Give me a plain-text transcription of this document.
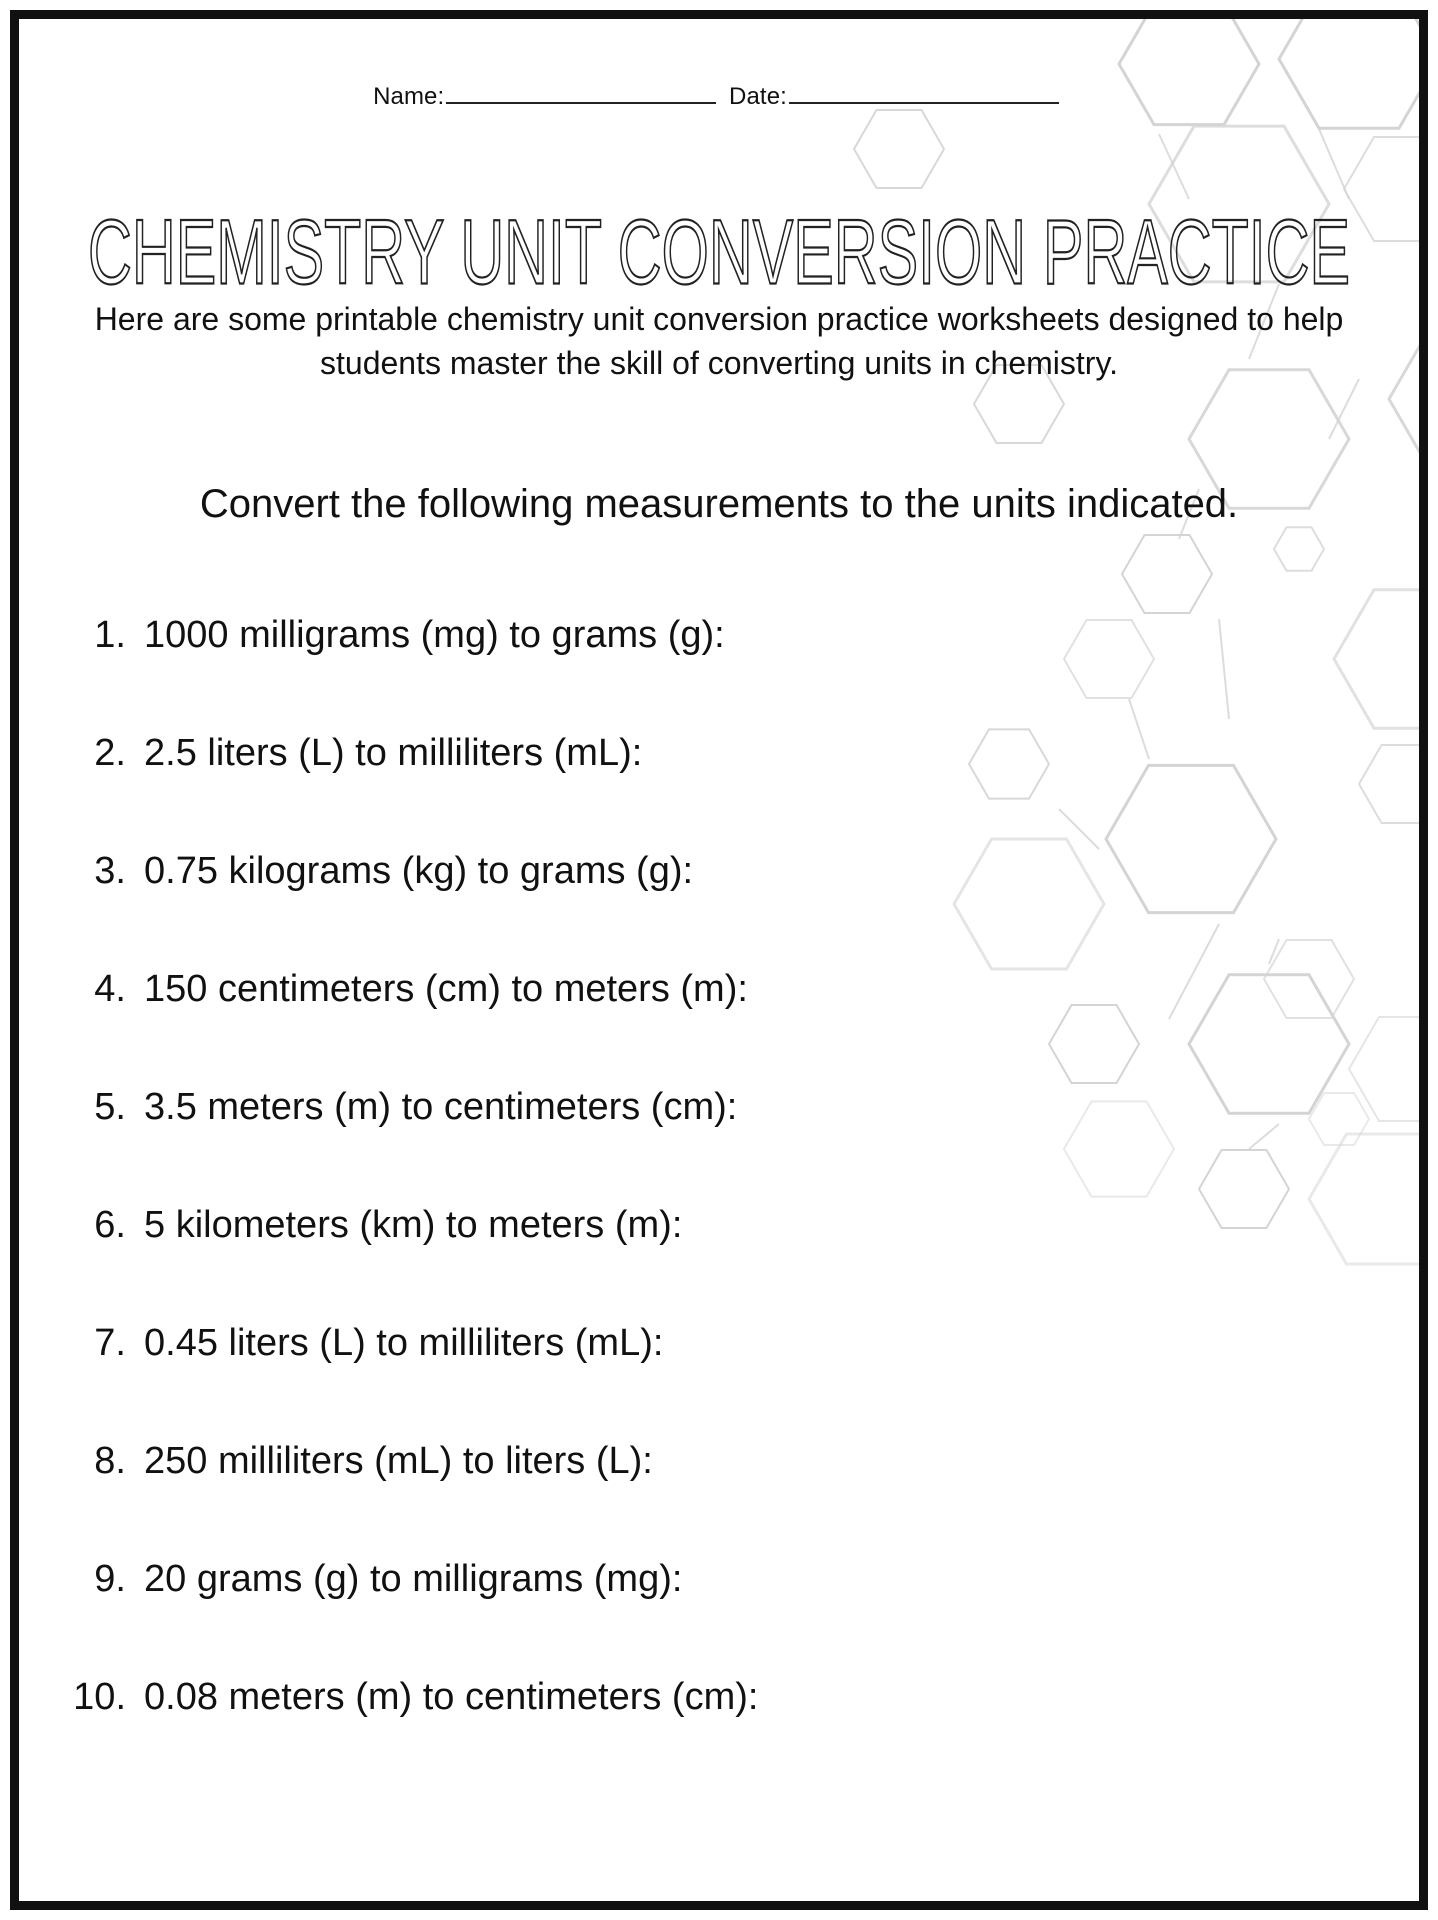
Name:	Date:
CHEMISTRY UNIT CONVERSION PRACTICE
Here are some printable chemistry unit conversion practice worksheets designed to help students master the skill of converting units in chemistry.
Convert the following measurements to the units indicated.
1. 1000 milligrams (mg) to grams (g):
2. 2.5 liters (L) to milliliters (mL):
3. 0.75 kilograms (kg) to grams (g):
4. 150 centimeters (cm) to meters (m):
5. 3.5 meters (m) to centimeters (cm):
6. 5 kilometers (km) to meters (m):
7. 0.45 liters (L) to milliliters (mL):
8. 250 milliliters (mL) to liters (L):
9. 20 grams (g) to milligrams (mg):
10. 0.08 meters (m) to centimeters (cm):
